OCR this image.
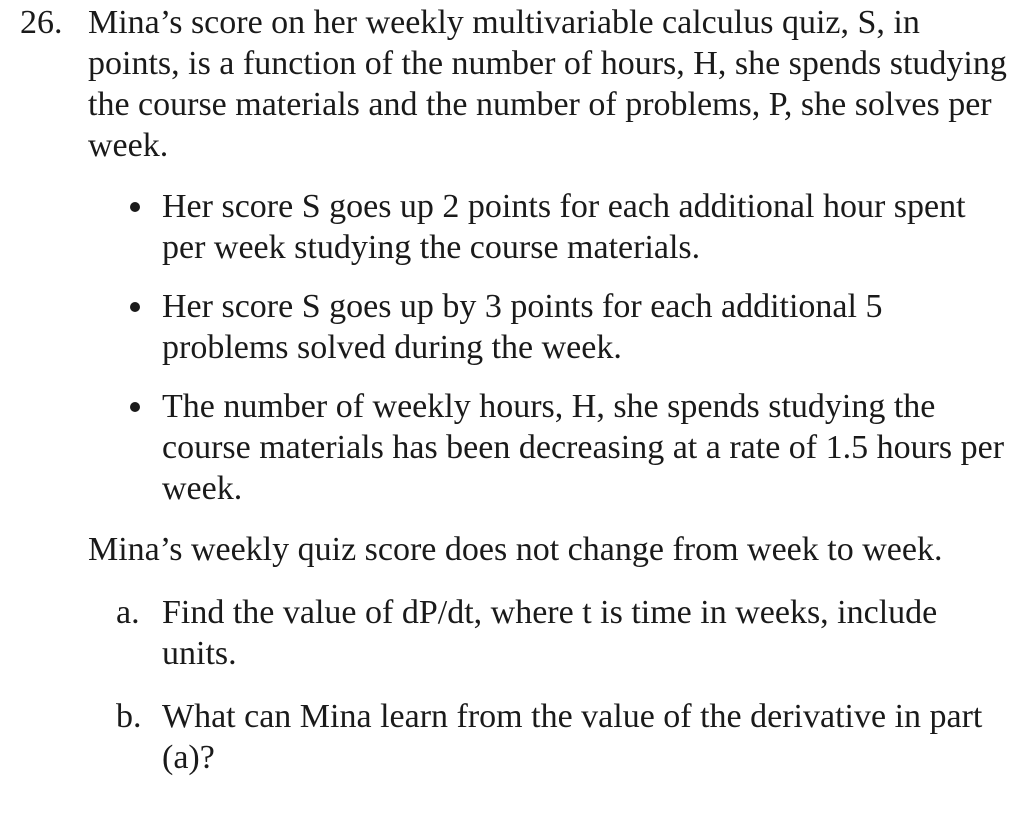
26. Mina’s score on her weekly multivariable calculus quiz, S, in points, is a function of the number of hours, H, she spends studying the course materials and the number of problems, P, she solves per week.
Her score S goes up 2 points for each additional hour spent per week studying the course materials.
Her score S goes up by 3 points for each additional 5 problems solved during the week.
The number of weekly hours, H, she spends studying the course materials has been decreasing at a rate of 1.5 hours per week.
Mina’s weekly quiz score does not change from week to week.
a. Find the value of dP/dt, where t is time in weeks, include units.
b. What can Mina learn from the value of the derivative in part (a)?
